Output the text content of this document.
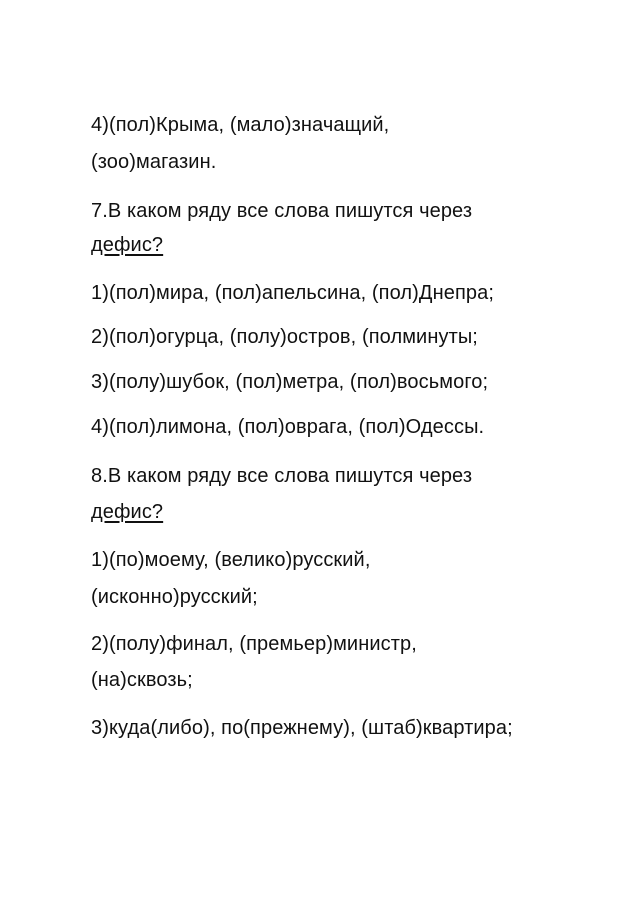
4)(пол)Крыма, (мало)значащий,
(зоо)магазин.
7.В каком ряду все слова пишутся через
дефис?
1)(пол)мира, (пол)апельсина, (пол)Днепра;
2)(пол)огурца, (полу)остров, (полминуты;
3)(полу)шубок, (пол)метра, (пол)восьмого;
4)(пол)лимона, (пол)оврага, (пол)Одессы.
8.В каком ряду все слова пишутся через
дефис?
1)(по)моему, (велико)русский,
(исконно)русский;
2)(полу)финал, (премьер)министр,
(на)сквозь;
3)куда(либо), по(прежнему), (штаб)квартира;
